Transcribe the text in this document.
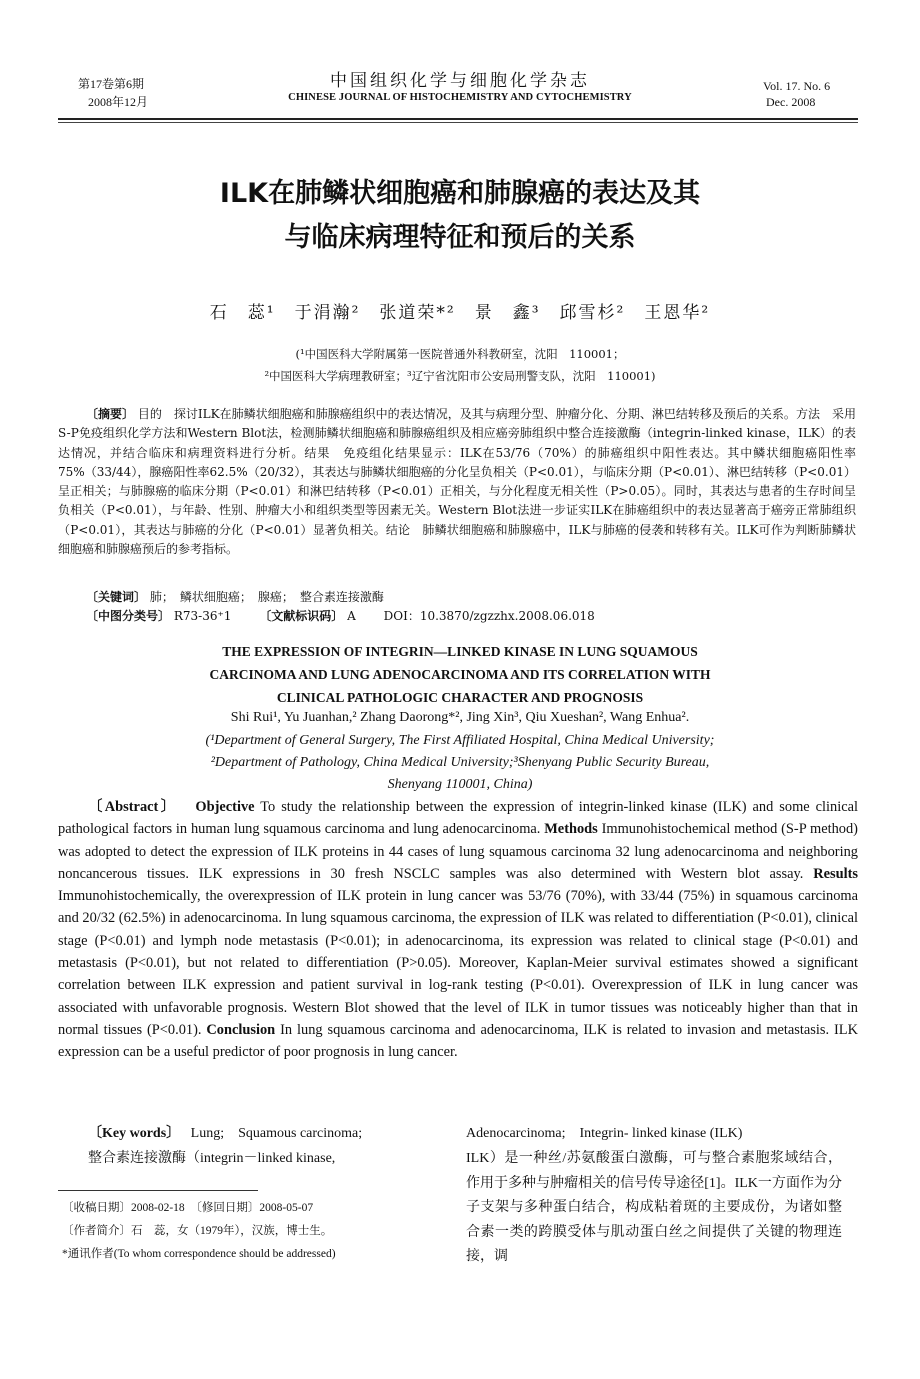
第17卷第6期
2008年12月
中国组织化学与细胞化学杂志
CHINESE JOURNAL OF HISTOCHEMISTRY AND CYTOCHEMISTRY
Vol. 17. No. 6
Dec. 2008
ILK在肺鳞状细胞癌和肺腺癌的表达及其
与临床病理特征和预后的关系
石　蕊¹　于涓瀚²　张道荣*²　景　鑫³　邱雪杉²　王恩华²
(¹中国医科大学附属第一医院普通外科教研室，沈阳　110001；
²中国医科大学病理教研室；³辽宁省沈阳市公安局刑警支队，沈阳　110001)
〔摘要〕 目的　探讨ILK在肺鳞状细胞癌和肺腺癌组织中的表达情况，及其与病理分型、肿瘤分化、分期、淋巴结转移及预后的关系。方法　采用S-P免疫组织化学方法和Western Blot法，检测肺鳞状细胞癌和肺腺癌组织及相应癌旁肺组织中整合连接激酶（integrin-linked kinase，ILK）的表达情况，并结合临床和病理资料进行分析。结果　免疫组化结果显示：ILK在53/76（70%）的肺癌组织中阳性表达。其中鳞状细胞癌阳性率75%（33/44），腺癌阳性率62.5%（20/32），其表达与肺鳞状细胞癌的分化呈负相关（P<0.01），与临床分期（P<0.01）、淋巴结转移（P<0.01）呈正相关；与肺腺癌的临床分期（P<0.01）和淋巴结转移（P<0.01）正相关，与分化程度无相关性（P>0.05）。同时，其表达与患者的生存时间呈负相关（P<0.01），与年龄、性别、肿瘤大小和组织类型等因素无关。Western Blot法进一步证实ILK在肺癌组织中的表达显著高于癌旁正常肺组织（P<0.01），其表达与肺癌的分化（P<0.01）显著负相关。结论　肺鳞状细胞癌和肺腺癌中，ILK与肺癌的侵袭和转移有关。ILK可作为判断肺鳞状细胞癌和肺腺癌预后的参考指标。
〔关键词〕 肺；　鳞状细胞癌；　腺癌；　整合素连接激酶
〔中图分类号〕 R73-36⁺1　　 〔文献标识码〕 A　　 DOI：10.3870/zgzzhx.2008.06.018
THE EXPRESSION OF INTEGRIN—LINKED KINASE IN LUNG SQUAMOUS
CARCINOMA AND LUNG ADENOCARCINOMA AND ITS CORRELATION WITH
CLINICAL PATHOLOGIC CHARACTER AND PROGNOSIS
Shi Rui¹, Yu Juanhan,² Zhang Daorong*², Jing Xin³, Qiu Xueshan², Wang Enhua².
(¹Department of General Surgery, The First Affiliated Hospital, China Medical University;
²Department of Pathology, China Medical University;³Shenyang Public Security Bureau,
Shenyang 110001, China)
〔Abstract〕 Objective To study the relationship between the expression of integrin-linked kinase (ILK) and some clinical pathological factors in human lung squamous carcinoma and lung adenocarcinoma. Methods Immunohistochemical method (S-P method) was adopted to detect the expression of ILK proteins in 44 cases of lung squamous carcinoma 32 lung adenocarcinoma and neighboring noncancerous tissues. ILK expressions in 30 fresh NSCLC samples was also determined with Western blot assay. Results Immunohistochemically, the overexpression of ILK protein in lung cancer was 53/76 (70%), with 33/44 (75%) in squamous carcinoma and 20/32 (62.5%) in adenocarcinoma. In lung squamous carcinoma, the expression of ILK was related to differentiation (P<0.01), clinical stage (P<0.01) and lymph node metastasis (P<0.01); in adenocarcinoma, its expression was related to clinical stage (P<0.01) and metastasis (P<0.01), but not related to differentiation (P>0.05). Moreover, Kaplan-Meier survival estimates showed a significant correlation between ILK expression and patient survival in log-rank testing (P<0.01). Overexpression of ILK in lung cancer was associated with unfavorable prognosis. Western Blot showed that the level of ILK in tumor tissues was noticeably higher than that in normal tissues (P<0.01). Conclusion In lung squamous carcinoma and adenocarcinoma, ILK is related to invasion and metastasis. ILK expression can be a useful predictor of poor prognosis in lung cancer.
〔Key words〕 Lung;　Squamous carcinoma;
整合素连接激酶（integrin－linked kinase,
〔收稿日期〕2008-02-18　〔修回日期〕2008-05-07
〔作者简介〕石　蕊，女（1979年），汉族，博士生。
*通讯作者(To whom correspondence should be addressed)
Adenocarcinoma;　Integrin- linked kinase (ILK)
ILK）是一种丝/苏氨酸蛋白激酶，可与整合素胞浆域结合，作用于多种与肿瘤相关的信号传导途径[1]。ILK一方面作为分子支架与多种蛋白结合，构成粘着斑的主要成份，为诸如整合素一类的跨膜受体与肌动蛋白丝之间提供了关键的物理连接，调
